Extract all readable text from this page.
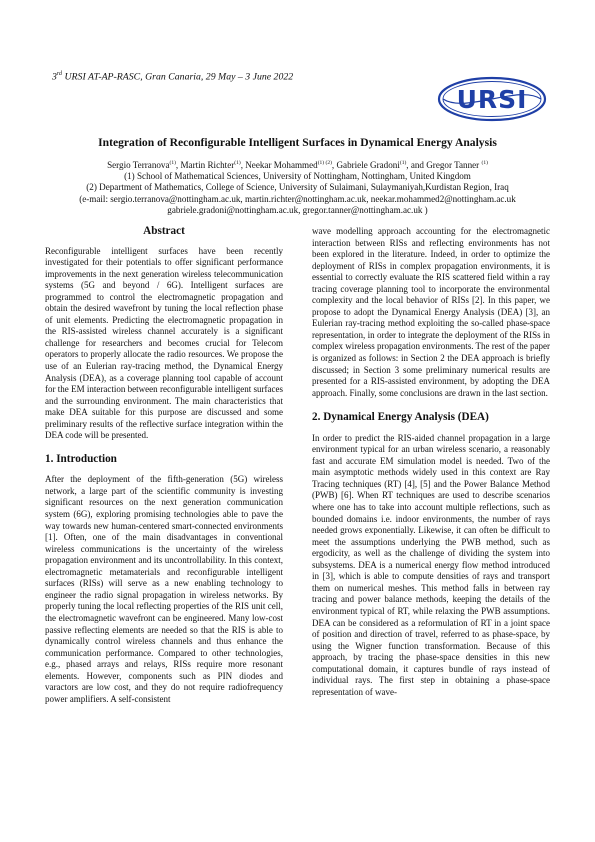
3rd URSI AT-AP-RASC, Gran Canaria, 29 May – 3 June 2022
URSI
Integration of Reconfigurable Intelligent Surfaces in Dynamical Energy Analysis
Sergio Terranova$^{(1)}$, Martin Richter$^{(1)}$, Neekar Mohammed$^{(1) (2)}$, Gabriele Gradoni$^{(1)}$, and Gregor Tanner $^{(1)}$
(1) School of Mathematical Sciences, University of Nottingham, Nottingham, United Kingdom
(2) Department of Mathematics, College of Science, University of Sulaimani, Sulaymaniyah,Kurdistan Region, Iraq
(e-mail: sergio.terranova@nottingham.ac.uk, martin.richter@nottingham.ac.uk, neekar.mohammed2@nottingham.ac.uk
gabriele.gradoni@nottingham.ac.uk, gregor.tanner@nottingham.ac.uk )
Abstract

Reconfigurable intelligent surfaces have been recently investigated for their potentials to offer significant performance improvements in the next generation wireless telecommunication systems (5G and beyond / 6G). Intelligent surfaces are programmed to control the electromagnetic propagation and obtain the desired wavefront by tuning the local reflection phase of unit elements. Predicting the electromagnetic propagation in the RIS-assisted wireless channel accurately is a significant challenge for researchers and becomes crucial for Telecom operators to properly allocate the radio resources. We propose the use of an Eulerian ray-tracing method, the Dynamical Energy Analysis (DEA), as a coverage planning tool capable of account for the EM interaction between reconfigurable intelligent surfaces and the surrounding environment. The main characteristics that make DEA suitable for this purpose are discussed and some preliminary results of the reflective surface integration within the DEA code will be presented.

1. Introduction

After the deployment of the fifth-generation (5G) wireless network, a large part of the scientific community is investing significant resources on the next generation communication system (6G), exploring promising technologies able to pave the way towards new human-centered smart-connected environments [1]. Often, one of the main disadvantages in conventional wireless communications is the uncertainty of the wireless propagation environment and its uncontrollability. In this context, electromagnetic metamaterials and reconfigurable intelligent surfaces (RISs) will serve as a new enabling technology to engineer the radio signal propagation in wireless networks. By properly tuning the local reflecting properties of the RIS unit cell, the electromagnetic wavefront can be engineered. Many low-cost passive reflecting elements are needed so that the RIS is able to dynamically control wireless channels and thus enhance the communication performance. Compared to other technologies, e.g., phased arrays and relays, RISs require more resonant elements. However, components such as PIN diodes and varactors are low cost, and they do not require radiofrequency power amplifiers. A self-consistent

wave modelling approach accounting for the electromagnetic interaction between RISs and reflecting environments has not been explored in the literature. Indeed, in order to optimize the deployment of RISs in complex propagation environments, it is essential to correctly evaluate the RIS scattered field within a ray tracing coverage planning tool to incorporate the environmental complexity and the local behavior of RISs [2]. In this paper, we propose to adopt the Dynamical Energy Analysis (DEA) [3], an Eulerian ray-tracing method exploiting the so-called phase-space representation, in order to integrate the deployment of the RISs in complex wireless propagation environments. The rest of the paper is organized as follows: in Section 2 the DEA approach is briefly discussed; in Section 3 some preliminary numerical results are presented for a RIS-assisted environment, by adopting the DEA approach. Finally, some conclusions are drawn in the last section.

2. Dynamical Energy Analysis (DEA)

In order to predict the RIS-aided channel propagation in a large environment typical for an urban wireless scenario, a reasonably fast and accurate EM simulation model is needed. Two of the main asymptotic methods widely used in this context are Ray Tracing techniques (RT) [4], [5] and the Power Balance Method (PWB) [6]. When RT techniques are used to describe scenarios where one has to take into account multiple reflections, such as bounded domains i.e. indoor environments, the number of rays needed grows exponentially. Likewise, it can often be difficult to meet the assumptions underlying the PWB method, such as ergodicity, as well as the challenge of dividing the system into subsystems. DEA is a numerical energy flow method introduced in [3], which is able to compute densities of rays and transport them on numerical meshes. This method falls in between ray tracing and power balance methods, keeping the details of the environment typical of RT, while relaxing the PWB assumptions. DEA can be considered as a reformulation of RT in a joint space of position and direction of travel, referred to as phase-space, by using the Wigner function transformation. Because of this approach, by tracing the phase-space densities in this new computational domain, it captures bundle of rays instead of individual rays. The first step in obtaining a phase-space representation of wave-
